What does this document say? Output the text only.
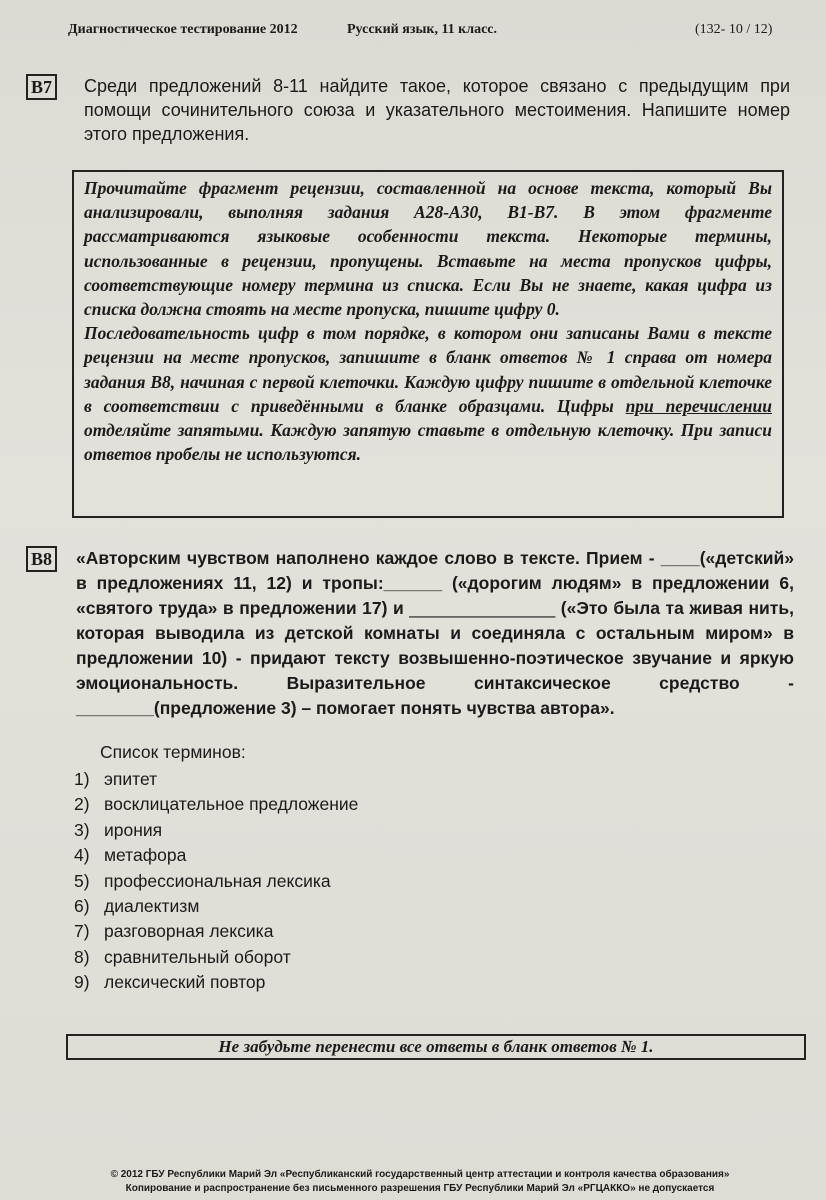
Диагностическое тестирование 2012	Русский язык, 11 класс.	(132- 10 / 12)
B7 Среди предложений 8-11 найдите такое, которое связано с предыдущим при помощи сочинительного союза и указательного местоимения. Напишите номер этого предложения.

Прочитайте фрагмент рецензии, составленной на основе текста, который Вы анализировали, выполняя задания А28-А30, В1-В7. В этом фрагменте рассматриваются языковые особенности текста. Некоторые термины, использованные в рецензии, пропущены. Вставьте на места пропусков цифры, соответствующие номеру термина из списка. Если Вы не знаете, какая цифра из списка должна стоять на месте пропуска, пишите цифру 0.

Последовательность цифр в том порядке, в котором они записаны Вами в тексте рецензии на месте пропусков, запишите в бланк ответов № 1 справа от номера задания В8, начиная с первой клеточки. Каждую цифру пишите в отдельной клеточке в соответствии с приведёнными в бланке образцами. Цифры при перечислении отделяйте запятыми. Каждую запятую ставьте в отдельную клеточку. При записи ответов пробелы не используются.

B8 «Авторским чувством наполнено каждое слово в тексте. Прием - ____(«детский» в предложениях 11, 12) и тропы:______ («дорогим людям» в предложении 6, «святого труда» в предложении 17) и _______________ («Это была та живая нить, которая выводила из детской комнаты и соединяла с остальным миром» в предложении 10) - придают тексту возвышенно-поэтическое звучание и яркую эмоциональность. Выразительное синтаксическое средство -________(предложение 3) – помогает понять чувства автора».
Список терминов:
1) эпитет
2) восклицательное предложение
3) ирония
4) метафора
5) профессиональная лексика
6) диалектизм
7) разговорная лексика
8) сравнительный оборот
9) лексический повтор
Не забудьте перенести все ответы в бланк ответов № 1.
© 2012 ГБУ Республики Марий Эл «Республиканский государственный центр аттестации и контроля качества образования»
Копирование и распространение без письменного разрешения ГБУ Республики Марий Эл «РГЦАККО» не допускается
